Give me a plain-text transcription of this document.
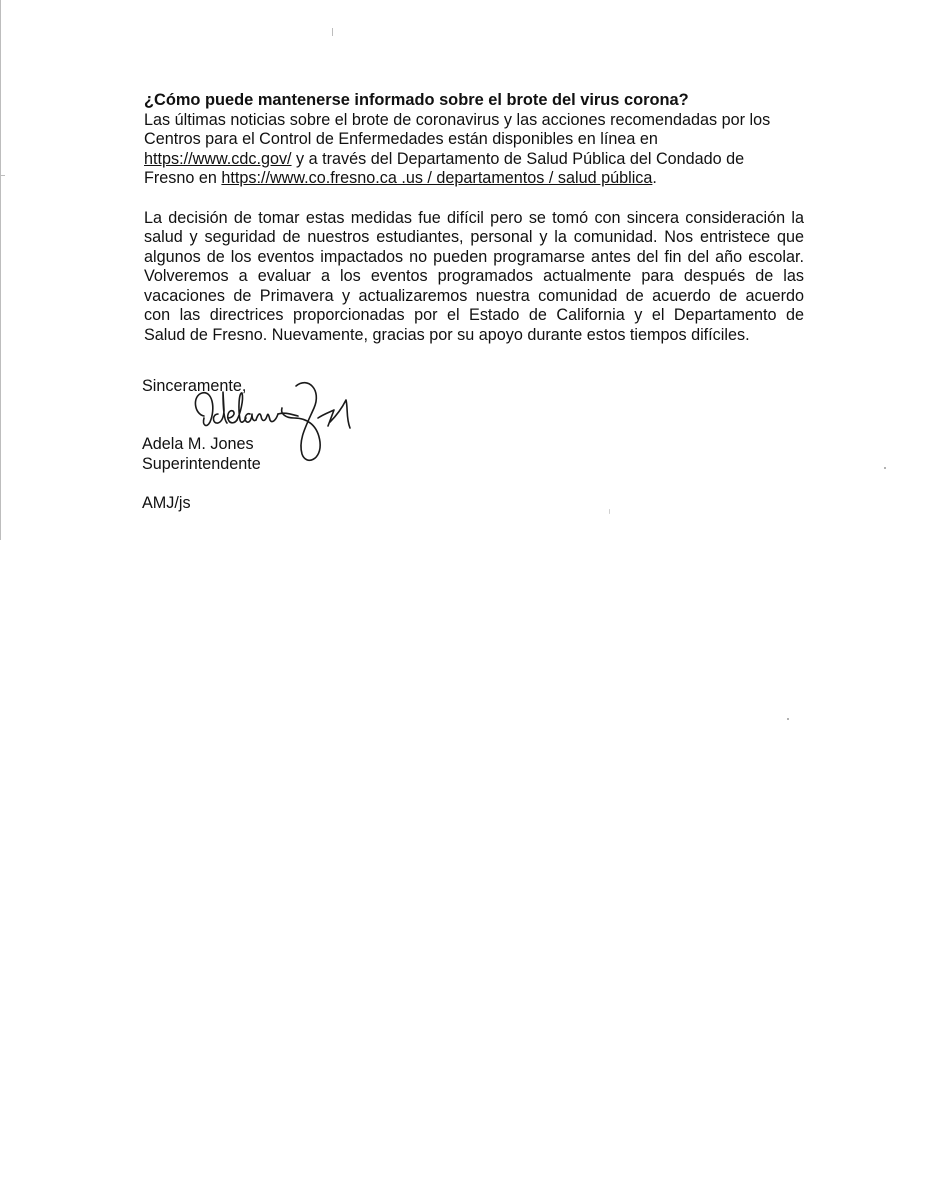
¿Cómo puede mantenerse informado sobre el brote del virus corona?

Las últimas noticias sobre el brote de coronavirus y las acciones recomendadas por los
Centros para el Control de Enfermedades están disponibles en línea en
https://www.cdc.gov/ y a través del Departamento de Salud Pública del Condado de
Fresno en https://www.co.fresno.ca .us / departamentos / salud pública.

La decisión de tomar estas medidas fue difícil pero se tomó con sincera consideración la
salud y seguridad de nuestros estudiantes, personal y la comunidad. Nos entristece que
algunos de los eventos impactados no pueden programarse antes del fin del año escolar.
Volveremos a evaluar a los eventos programados actualmente para después de las
vacaciones de Primavera y actualizaremos nuestra comunidad de acuerdo de acuerdo
con las directrices proporcionadas por el Estado de California y el Departamento de
Salud de Fresno. Nuevamente, gracias por su apoyo durante estos tiempos difíciles.

Sinceramente,
Adela M. Jones
Superintendente
AMJ/js
